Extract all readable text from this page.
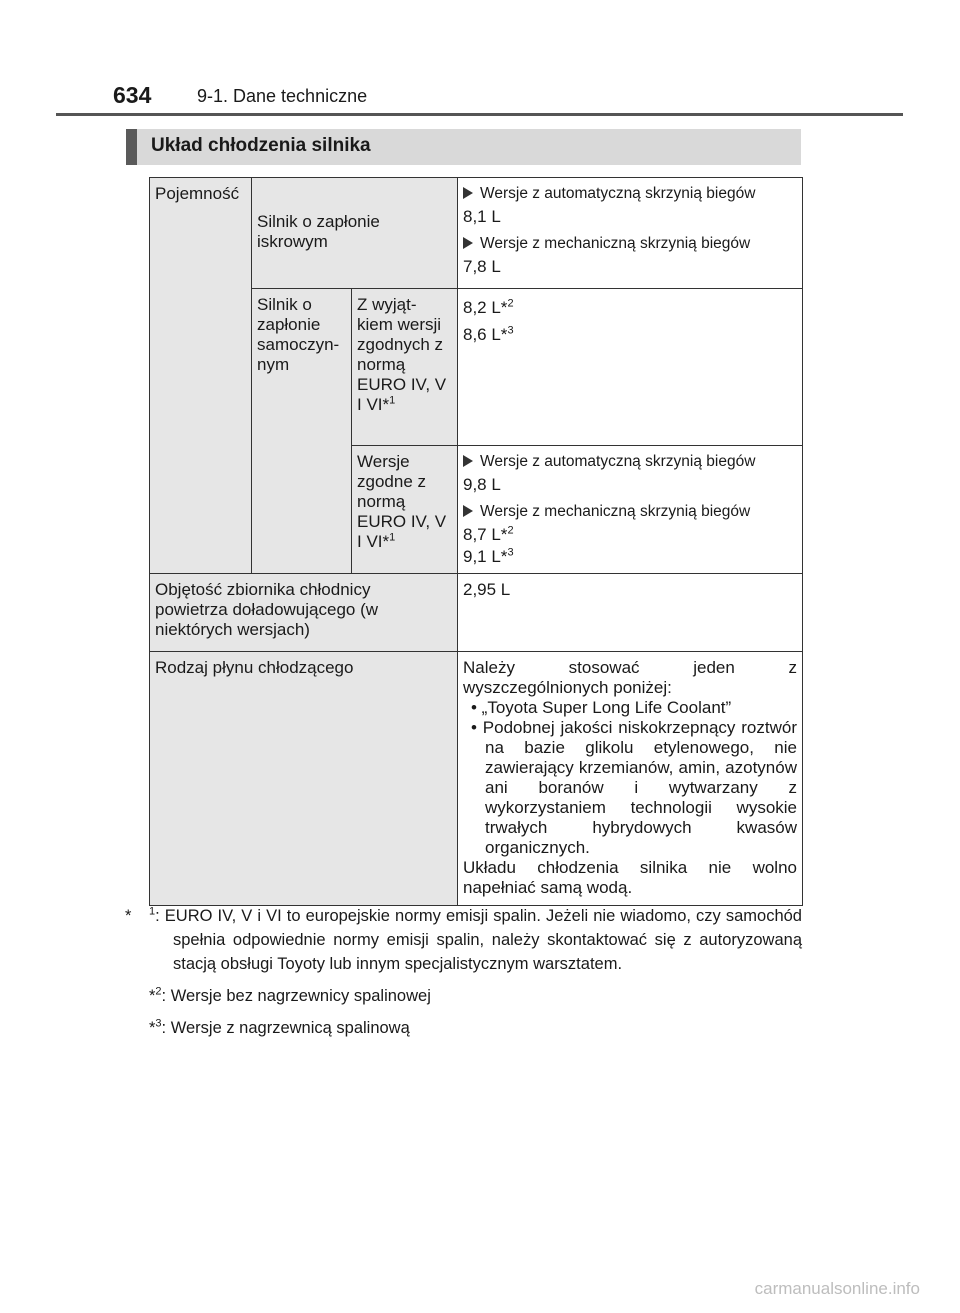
634	9-1. Dane techniczne
Układ chłodzenia silnika
Pojemność	Silnik o zapłonie iskrowym		Wersje z automatyczną skrzynią biegów
8,1 L
Wersje z mechaniczną skrzynią biegów
7,8 L

	Silnik o zapłonie samoczyn-nym	Z wyjąt-kiem wersji zgodnych z normą EURO IV, V I VI*$^1$	8,2 L*$^2$
8,6 L*$^3$

		Wersje zgodne z normą EURO IV, V I VI*$^1$	Wersje z automatyczną skrzynią biegów
9,8 L
Wersje z mechaniczną skrzynią biegów
8,7 L*$^2$
9,1 L*$^3$

Objętość zbiornika chłodnicy powietrza doładowującego (w niektórych wersjach)			2,95 L
Rodzaj płynu chłodzącego			Należy stosować jeden z wyszczególnionych poniżej:
• „Toyota Super Long Life Coolant”
• Podobnej jakości niskokrzepnący roztwór na bazie glikolu etylenowego, nie zawierający krzemianów, amin, azotynów ani boranów i wytwarzany z wykorzystaniem technologii wysokie trwałych hybrydowych kwasów organicznych.
Układu chłodzenia silnika nie wolno napełniać samą wodą.
* $^1$: EURO IV, V i VI to europejskie normy emisji spalin. Jeżeli nie wiadomo, czy samochód spełnia odpowiednie normy emisji spalin, należy skontaktować się z autoryzowaną stacją obsługi Toyoty lub innym specjalistycznym warsztatem.
*$^2$: Wersje bez nagrzewnicy spalinowej
*$^3$: Wersje z nagrzewnicą spalinową
carmanualsonline.info
